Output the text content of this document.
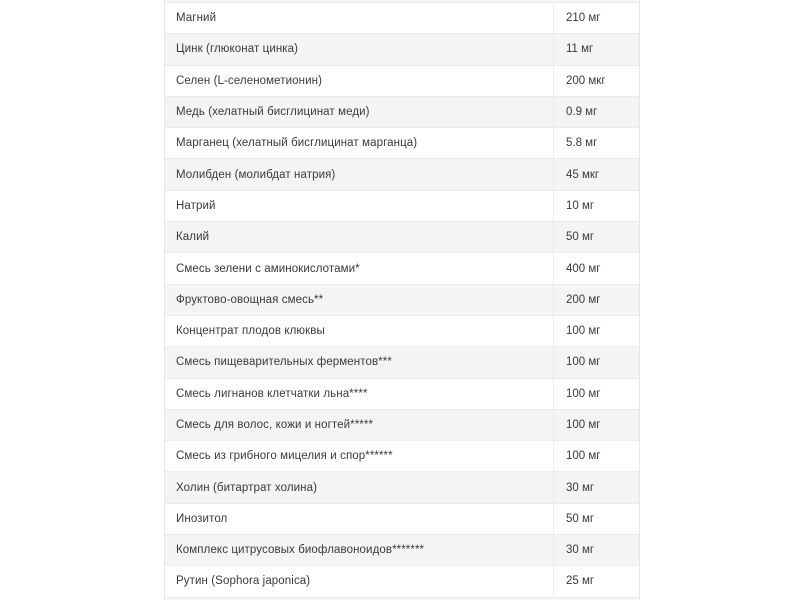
Магний	210 мг
Цинк (глюконат цинка)	11 мг
Селен (L-селенометионин)	200 мкг
Медь (хелатный бисглицинат меди)	0.9 мг
Марганец (хелатный бисглицинат марганца)	5.8 мг
Молибден (молибдат натрия)	45 мкг
Натрий	10 мг
Калий	50 мг
Смесь зелени с аминокислотами*	400 мг
Фруктово-овощная смесь**	200 мг
Концентрат плодов клюквы	100 мг
Смесь пищеварительных ферментов***	100 мг
Смесь лигнанов клетчатки льна****	100 мг
Смесь для волос, кожи и ногтей*****	100 мг
Смесь из грибного мицелия и спор******	100 мг
Холин (битартрат холина)	30 мг
Инозитол	50 мг
Комплекс цитрусовых биофлавоноидов*******	30 мг
Рутин (Sophora japonica)	25 мг
